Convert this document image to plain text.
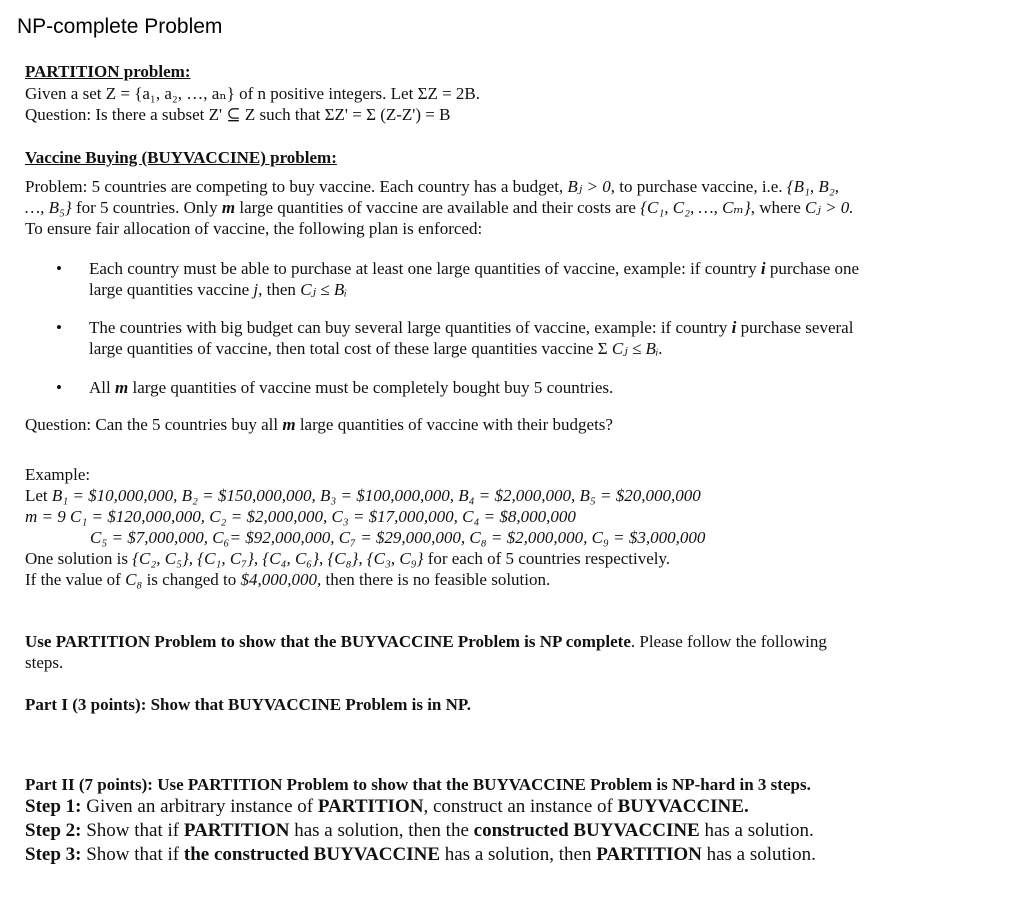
NP-complete Problem
PARTITION problem:
Given a set Z = {a₁, a₂, …, aₙ} of n positive integers. Let ΣZ = 2B.
Question: Is there a subset Z' ⊆ Z such that ΣZ' = Σ (Z-Z') = B
Vaccine Buying (BUYVACCINE) problem:
Problem: 5 countries are competing to buy vaccine. Each country has a budget, Bⱼ > 0, to purchase vaccine, i.e. {B₁, B₂,
…, B₅} for 5 countries. Only m large quantities of vaccine are available and their costs are {C₁, C₂, …, Cₘ}, where Cⱼ > 0.
To ensure fair allocation of vaccine, the following plan is enforced:
• Each country must be able to purchase at least one large quantities of vaccine, example: if country i purchase one
large quantities vaccine j, then Cⱼ ≤ Bᵢ
• The countries with big budget can buy several large quantities of vaccine, example: if country i purchase several
large quantities of vaccine, then total cost of these large quantities vaccine Σ Cⱼ ≤ Bᵢ.
• All m large quantities of vaccine must be completely bought buy 5 countries.
Question: Can the 5 countries buy all m large quantities of vaccine with their budgets?
Example:
Let B₁ = $10,000,000, B₂ = $150,000,000, B₃ = $100,000,000, B₄ = $2,000,000, B₅ = $20,000,000
m = 9 C₁ = $120,000,000, C₂ = $2,000,000, C₃ = $17,000,000, C₄ = $8,000,000
C₅ = $7,000,000, C₆= $92,000,000, C₇ = $29,000,000, C₈ = $2,000,000, C₉ = $3,000,000
One solution is {C₂, C₅}, {C₁, C₇}, {C₄, C₆}, {C₈}, {C₃, C₉} for each of 5 countries respectively.
If the value of C₈ is changed to $4,000,000, then there is no feasible solution.
Use PARTITION Problem to show that the BUYVACCINE Problem is NP complete. Please follow the following
steps.
Part I (3 points): Show that BUYVACCINE Problem is in NP.
Part II (7 points): Use PARTITION Problem to show that the BUYVACCINE Problem is NP-hard in 3 steps.
Step 1: Given an arbitrary instance of PARTITION, construct an instance of BUYVACCINE.
Step 2: Show that if PARTITION has a solution, then the constructed BUYVACCINE has a solution.
Step 3: Show that if the constructed BUYVACCINE has a solution, then PARTITION has a solution.
